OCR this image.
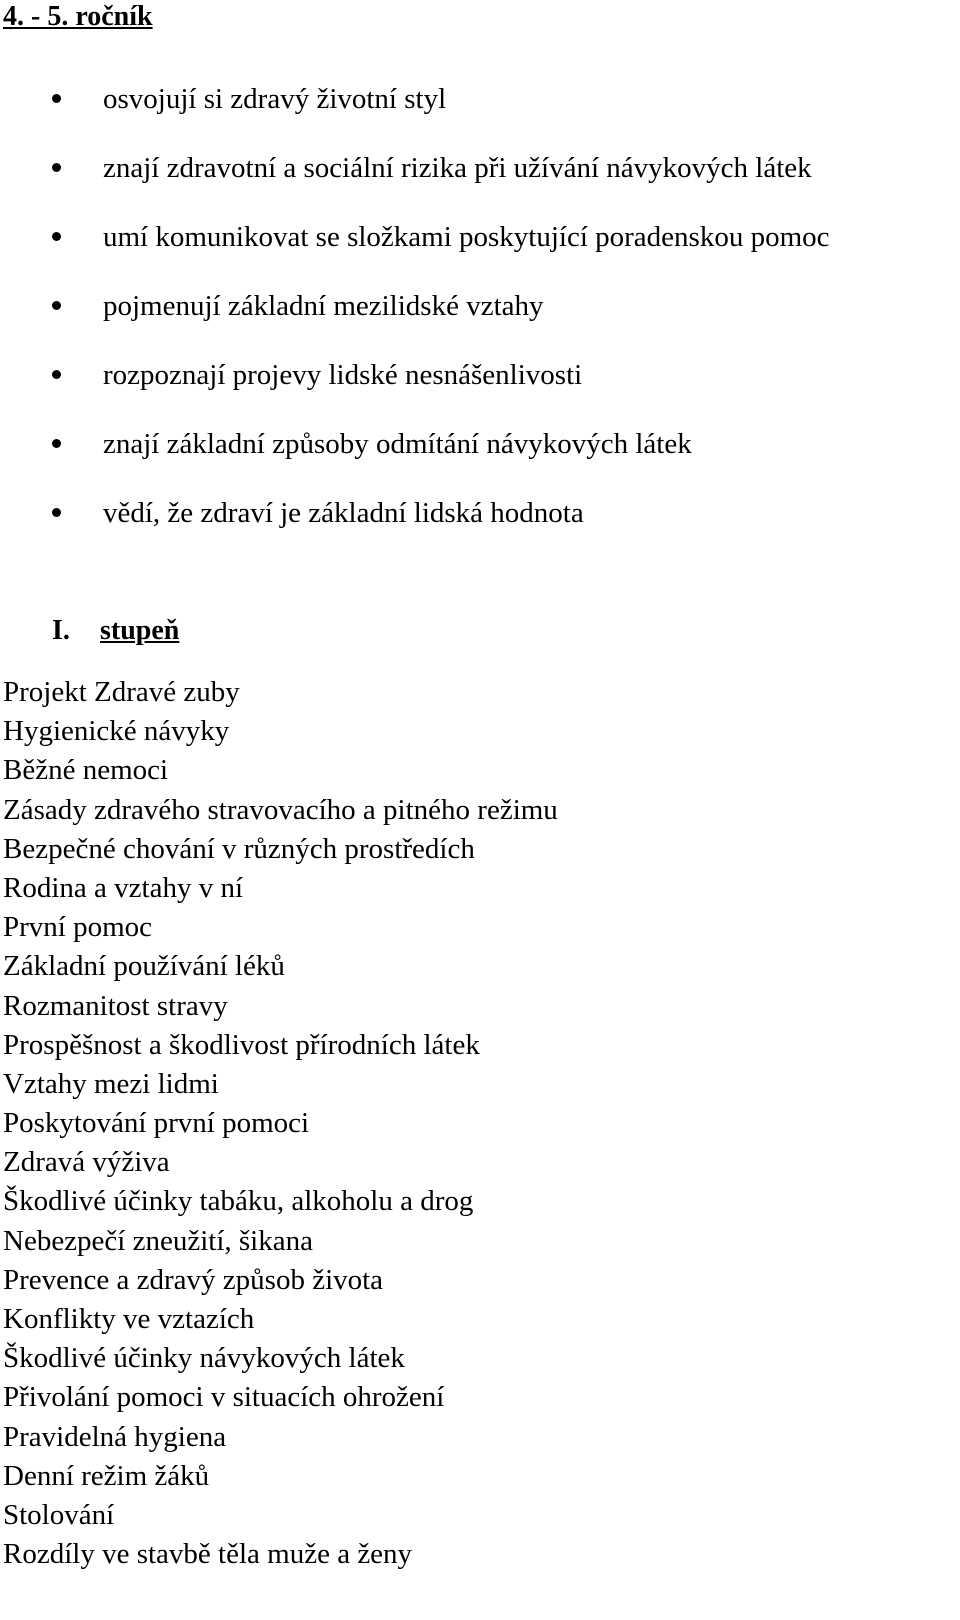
4. - 5. ročník
osvojují si zdravý životní styl
znají zdravotní a sociální rizika při užívání návykových látek
umí komunikovat se složkami poskytující poradenskou pomoc
pojmenují základní mezilidské vztahy
rozpoznají projevy lidské nesnášenlivosti
znají základní způsoby odmítání návykových látek
vědí, že zdraví je základní lidská hodnota
I. stupeň
Projekt Zdravé zuby
Hygienické návyky
Běžné nemoci
Zásady zdravého stravovacího a pitného režimu
Bezpečné chování v různých prostředích
Rodina a vztahy v ní
První pomoc
Základní používání léků
Rozmanitost stravy
Prospěšnost a škodlivost přírodních látek
Vztahy mezi lidmi
Poskytování první pomoci
Zdravá výživa
Škodlivé účinky tabáku, alkoholu a drog
Nebezpečí zneužití, šikana
Prevence a zdravý způsob života
Konflikty ve vztazích
Škodlivé účinky návykových látek
Přivolání pomoci v situacích ohrožení
Pravidelná hygiena
Denní režim žáků
Stolování
Rozdíly ve stavbě těla muže a ženy
